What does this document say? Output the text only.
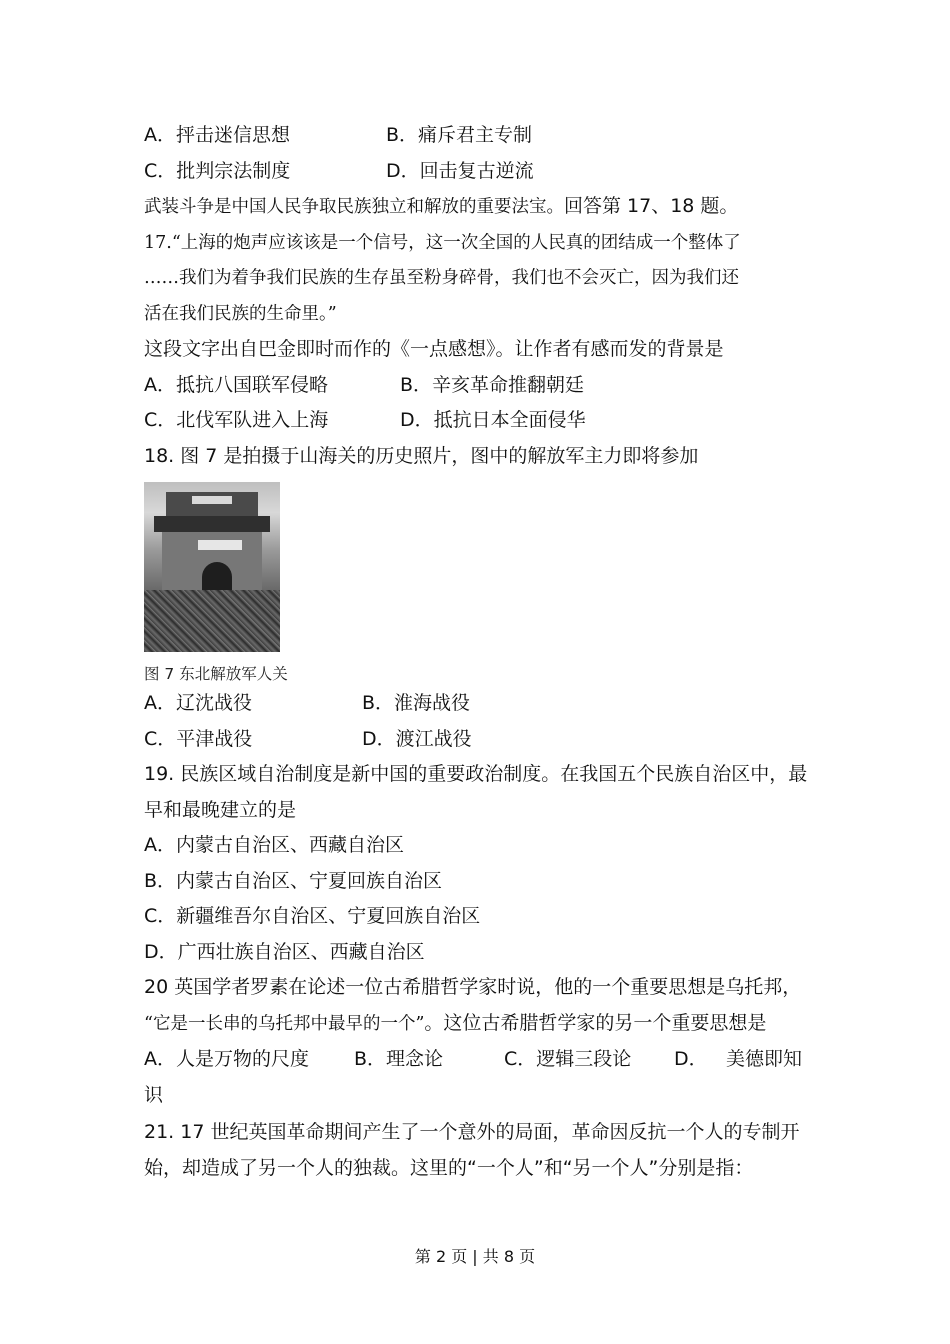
A．抨击迷信思想	B．痛斥君主专制
C．批判宗法制度	D．回击复古逆流
武装斗争是中国人民争取民族独立和解放的重要法宝。回答第 17、18 题。
17.“上海的炮声应该该是一个信号，这一次全国的人民真的团结成一个整体了
……我们为着争我们民族的生存虽至粉身碎骨，我们也不会灭亡，因为我们还
活在我们民族的生命里。”
这段文字出自巴金即时而作的《一点感想》。让作者有感而发的背景是
A．抵抗八国联军侵略	B．辛亥革命推翻朝廷
C．北伐军队进入上海	D．抵抗日本全面侵华
18. 图 7 是拍摄于山海关的历史照片，图中的解放军主力即将参加
图 7 东北解放军人关
A．辽沈战役	B．淮海战役
C．平津战役	D．渡江战役
19. 民族区域自治制度是新中国的重要政治制度。在我国五个民族自治区中，最
早和最晚建立的是
A．内蒙古自治区、西藏自治区
B．内蒙古自治区、宁夏回族自治区
C．新疆维吾尔自治区、宁夏回族自治区
D．广西壮族自治区、西藏自治区
20 英国学者罗素在论述一位古希腊哲学家时说，他的一个重要思想是乌托邦，
“它是一长串的乌托邦中最早的一个”。这位古希腊哲学家的另一个重要思想是
A．人是万物的尺度	B．理念论	C．逻辑三段论	D． 美德即知
识
21. 17 世纪英国革命期间产生了一个意外的局面，革命因反抗一个人的专制开
始，却造成了另一个人的独裁。这里的“一个人”和“另一个人”分别是指：
第 2 页 | 共 8 页
